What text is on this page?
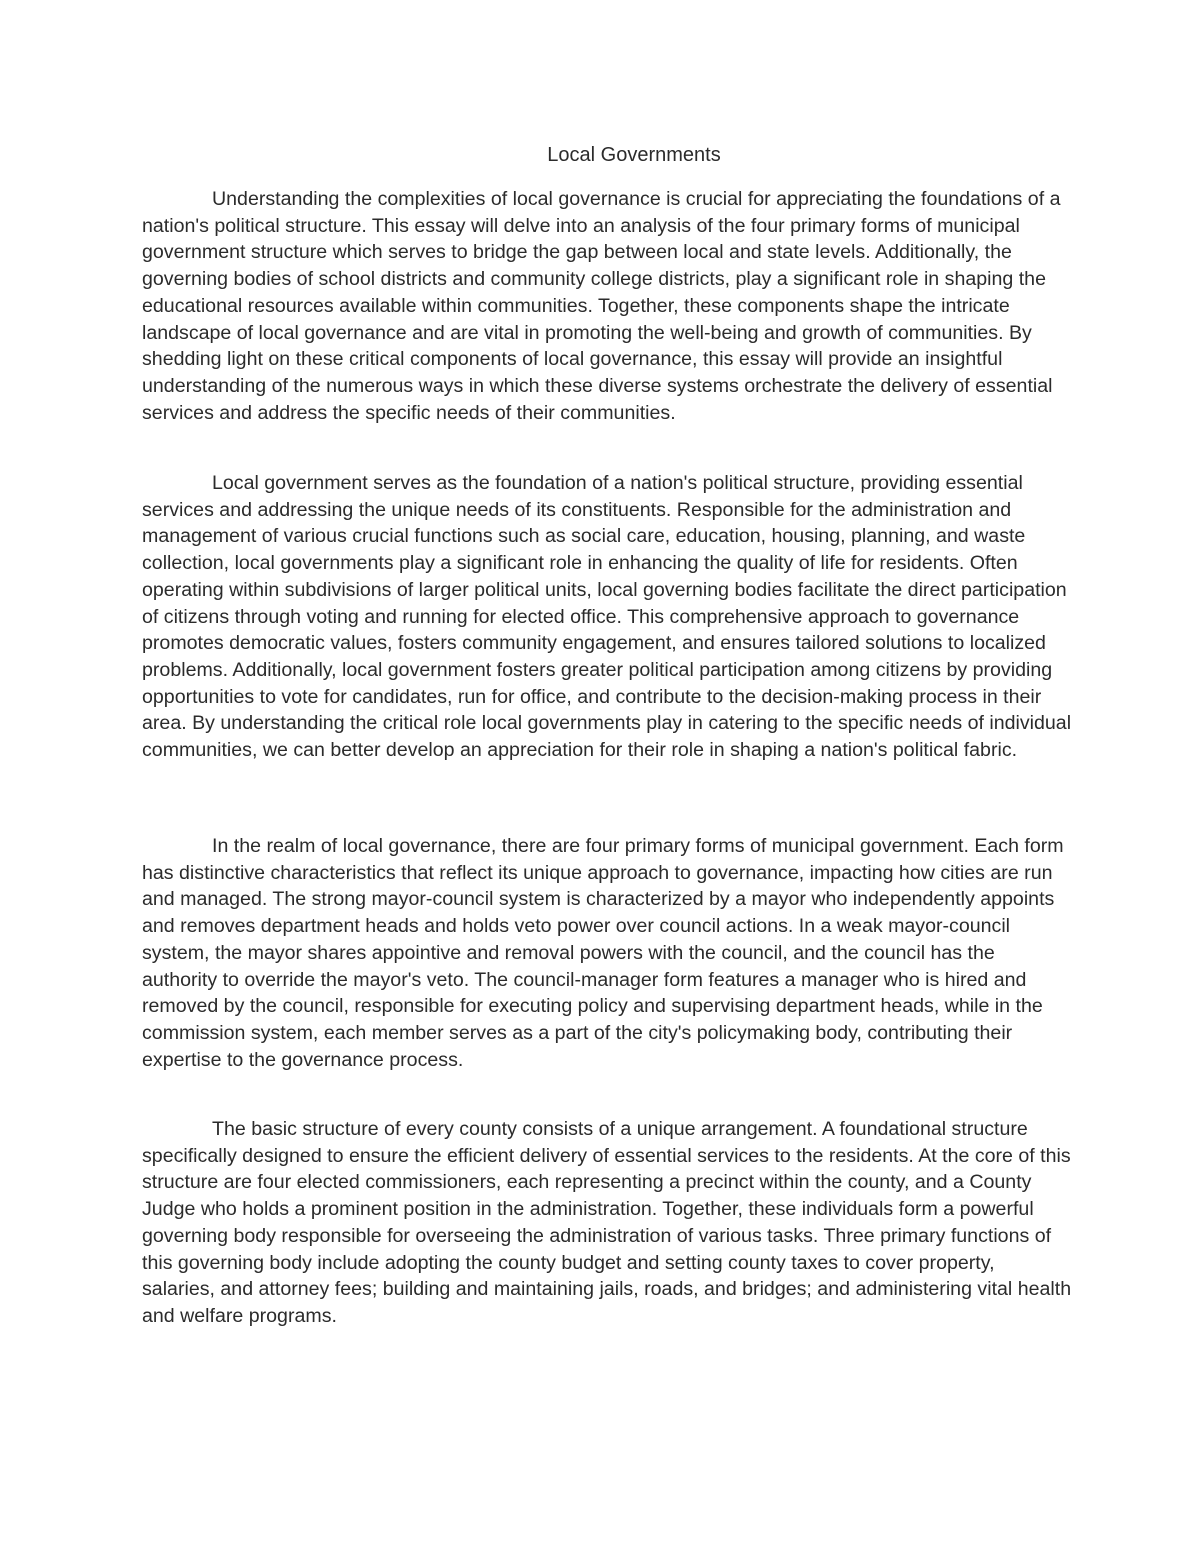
Local Governments

Understanding the complexities of local governance is crucial for appreciating the foundations of a nation's political structure. This essay will delve into an analysis of the four primary forms of municipal government structure which serves to bridge the gap between local and state levels. Additionally, the governing bodies of school districts and community college districts, play a significant role in shaping the educational resources available within communities. Together, these components shape the intricate landscape of local governance and are vital in promoting the well-being and growth of communities. By shedding light on these critical components of local governance, this essay will provide an insightful understanding of the numerous ways in which these diverse systems orchestrate the delivery of essential services and address the specific needs of their communities.

Local government serves as the foundation of a nation's political structure, providing essential services and addressing the unique needs of its constituents. Responsible for the administration and management of various crucial functions such as social care, education, housing, planning, and waste collection, local governments play a significant role in enhancing the quality of life for residents. Often operating within subdivisions of larger political units, local governing bodies facilitate the direct participation of citizens through voting and running for elected office. This comprehensive approach to governance promotes democratic values, fosters community engagement, and ensures tailored solutions to localized problems. Additionally, local government fosters greater political participation among citizens by providing opportunities to vote for candidates, run for office, and contribute to the decision-making process in their area. By understanding the critical role local governments play in catering to the specific needs of individual communities, we can better develop an appreciation for their role in shaping a nation's political fabric.

In the realm of local governance, there are four primary forms of municipal government. Each form has distinctive characteristics that reflect its unique approach to governance, impacting how cities are run and managed. The strong mayor-council system is characterized by a mayor who independently appoints and removes department heads and holds veto power over council actions. In a weak mayor-council system, the mayor shares appointive and removal powers with the council, and the council has the authority to override the mayor's veto. The council-manager form features a manager who is hired and removed by the council, responsible for executing policy and supervising department heads, while in the commission system, each member serves as a part of the city's policymaking body, contributing their expertise to the governance process.

The basic structure of every county consists of a unique arrangement. A foundational structure specifically designed to ensure the efficient delivery of essential services to the residents. At the core of this structure are four elected commissioners, each representing a precinct within the county, and a County Judge who holds a prominent position in the administration. Together, these individuals form a powerful governing body responsible for overseeing the administration of various tasks. Three primary functions of this governing body include adopting the county budget and setting county taxes to cover property, salaries, and attorney fees; building and maintaining jails, roads, and bridges; and administering vital health and welfare programs.
